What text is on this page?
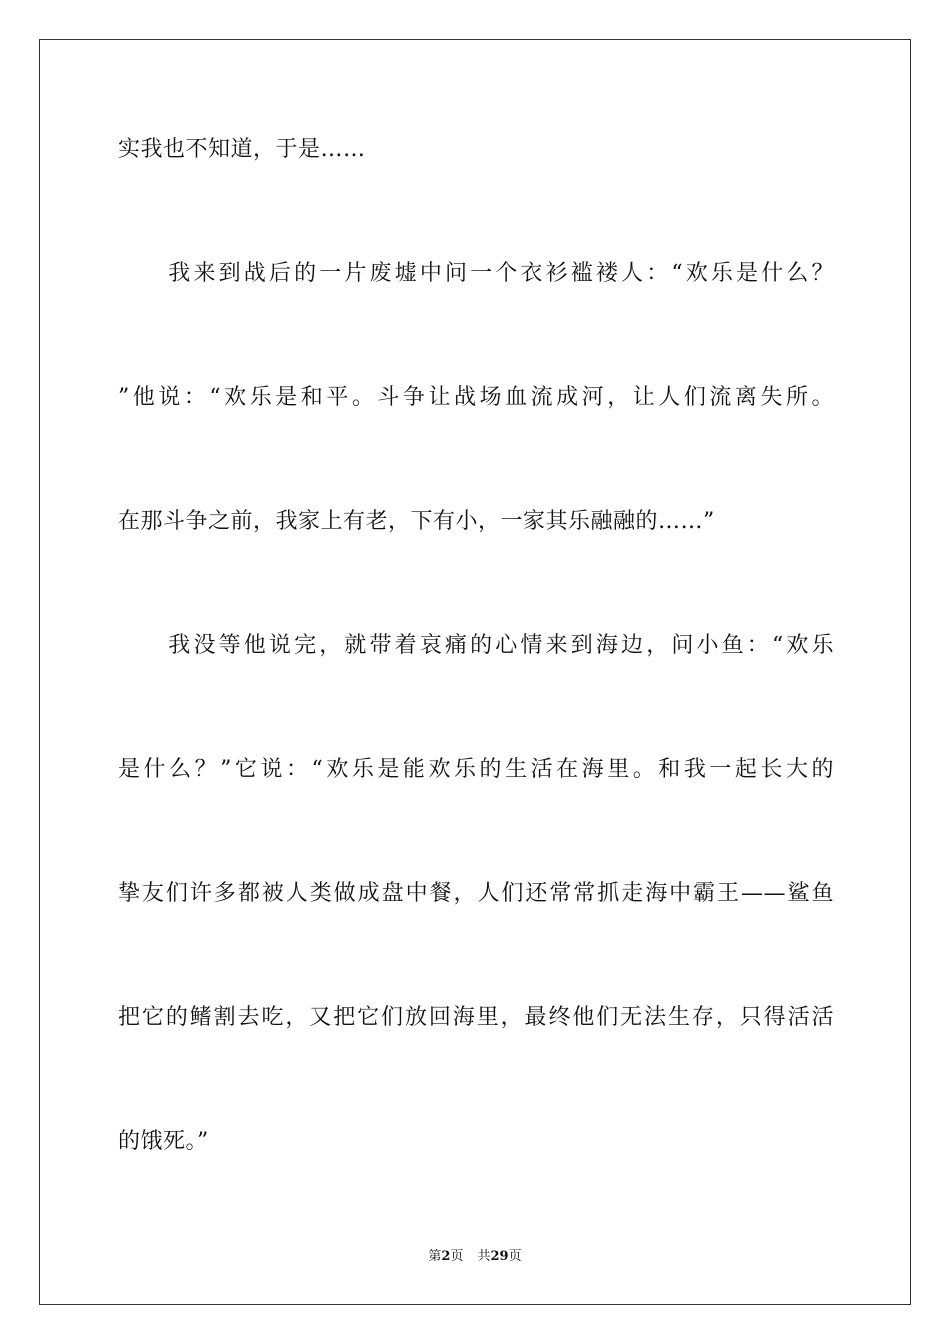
实我也不知道，于是……
　　我来到战后的一片废墟中问一个衣衫褴褛人：“欢乐是什么？
”他说：“欢乐是和平。斗争让战场血流成河，让人们流离失所。
在那斗争之前，我家上有老，下有小，一家其乐融融的……”
　　我没等他说完，就带着哀痛的心情来到海边，问小鱼：“欢乐
是什么？”它说：“欢乐是能欢乐的生活在海里。和我一起长大的
挚友们许多都被人类做成盘中餐，人们还常常抓走海中霸王——鲨鱼
把它的鳍割去吃，又把它们放回海里，最终他们无法生存，只得活活
的饿死。”
第2页 共29页
